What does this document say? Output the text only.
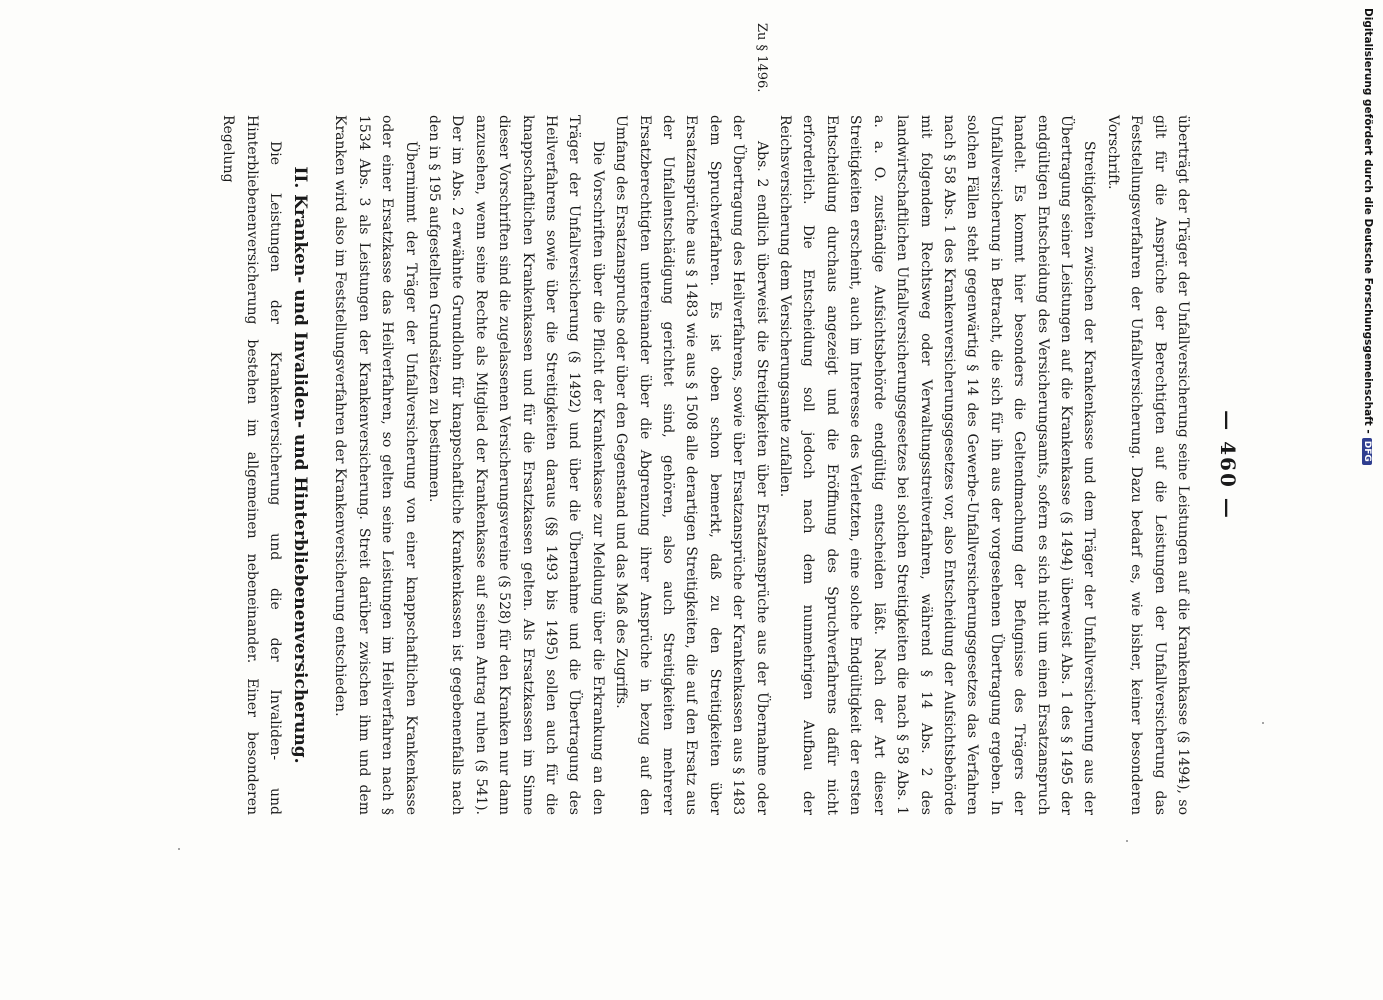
— 460 —

überträgt der Träger der Unfallversicherung seine Leistungen auf die Krankenkasse (§ 1494), so gilt für die Ansprüche der Berechtigten auf die Leistungen der Unfallversicherung das Feststellungsverfahren der Unfallversicherung. Dazu bedarf es, wie bisher, keiner besonderen Vorschrift.

Streitigkeiten zwischen der Krankenkasse und dem Träger der Unfallversicherung aus der Übertragung seiner Leistungen auf die Krankenkasse (§ 1494) überweist Abs. 1 des § 1495 der endgültigen Entscheidung des Versicherungsamts, sofern es sich nicht um einen Ersatzanspruch handelt. Es kommt hier besonders die Geltendmachung der Befugnisse des Trägers der Unfallversicherung in Betracht, die sich für ihn aus der vorgesehenen Übertragung ergeben. In solchen Fällen steht gegenwärtig § 14 des Gewerbe-Unfallversicherungsgesetzes das Verfahren nach § 58 Abs. 1 des Krankenversicherungsgesetzes vor, also Entscheidung der Aufsichtsbehörde mit folgendem Rechtsweg oder Verwaltungsstreitverfahren, während § 14 Abs. 2 des landwirtschaftlichen Unfallversicherungsgesetzes bei solchen Streitigkeiten die nach § 58 Abs. 1 a. a. O. zuständige Aufsichtsbehörde endgültig entscheiden läßt. Nach der Art dieser Streitigkeiten erscheint, auch im Interesse des Verletzten, eine solche Endgültigkeit der ersten Entscheidung durchaus angezeigt und die Eröffnung des Spruchverfahrens dafür nicht erforderlich. Die Entscheidung soll jedoch nach dem nunmehrigen Aufbau der Reichsversicherung dem Versicherungsamte zufallen.

Zu § 1496.

Abs. 2 endlich überweist die Streitigkeiten über Ersatzansprüche aus der Übernahme oder der Übertragung des Heilverfahrens, sowie über Ersatzansprüche der Krankenkassen aus § 1483 dem Spruchverfahren. Es ist oben schon bemerkt, daß zu den Streitigkeiten über Ersatzansprüche aus § 1483 wie aus § 1508 alle derartigen Streitigkeiten, die auf den Ersatz aus der Unfallentschädigung gerichtet sind, gehören, also auch Streitigkeiten mehrerer Ersatzberechtigten untereinander über die Abgrenzung ihrer Ansprüche in bezug auf den Umfang des Ersatzanspruchs oder über den Gegenstand und das Maß des Zugriffs.

Die Vorschriften über die Pflicht der Krankenkasse zur Meldung über die Erkrankung an den Träger der Unfallversicherung (§ 1492) und über die Übernahme und die Übertragung des Heilverfahrens sowie über die Streitigkeiten daraus (§§ 1493 bis 1495) sollen auch für die knappschaftlichen Krankenkassen und für die Ersatzkassen gelten. Als Ersatzkassen im Sinne dieser Vorschriften sind die zugelassenen Versicherungsvereine (§ 528) für den Kranken nur dann anzusehen, wenn seine Rechte als Mitglied der Krankenkasse auf seinen Antrag ruhen (§ 541). Der im Abs. 2 erwähnte Grundlohn für knappschaftliche Krankenkassen ist gegebenenfalls nach den in § 195 aufgestellten Grundsätzen zu bestimmen.

Übernimmt der Träger der Unfallversicherung von einer knappschaftlichen Krankenkasse oder einer Ersatzkasse das Heilverfahren, so gelten seine Leistungen im Heilverfahren nach § 1534 Abs. 3 als Leistungen der Krankenversicherung. Streit darüber zwischen ihm und dem Kranken wird also im Feststellungsverfahren der Krankenversicherung entschieden.

II. Kranken- und Invaliden- und Hinterbliebenenversicherung.

Die Leistungen der Krankenversicherung und die der Invaliden- und Hinterbliebenenversicherung bestehen im allgemeinen nebeneinander. Einer besonderen Regelung	Digitalisierung gefördert durch die Deutsche Forschungsgemeinschaft -DFG
